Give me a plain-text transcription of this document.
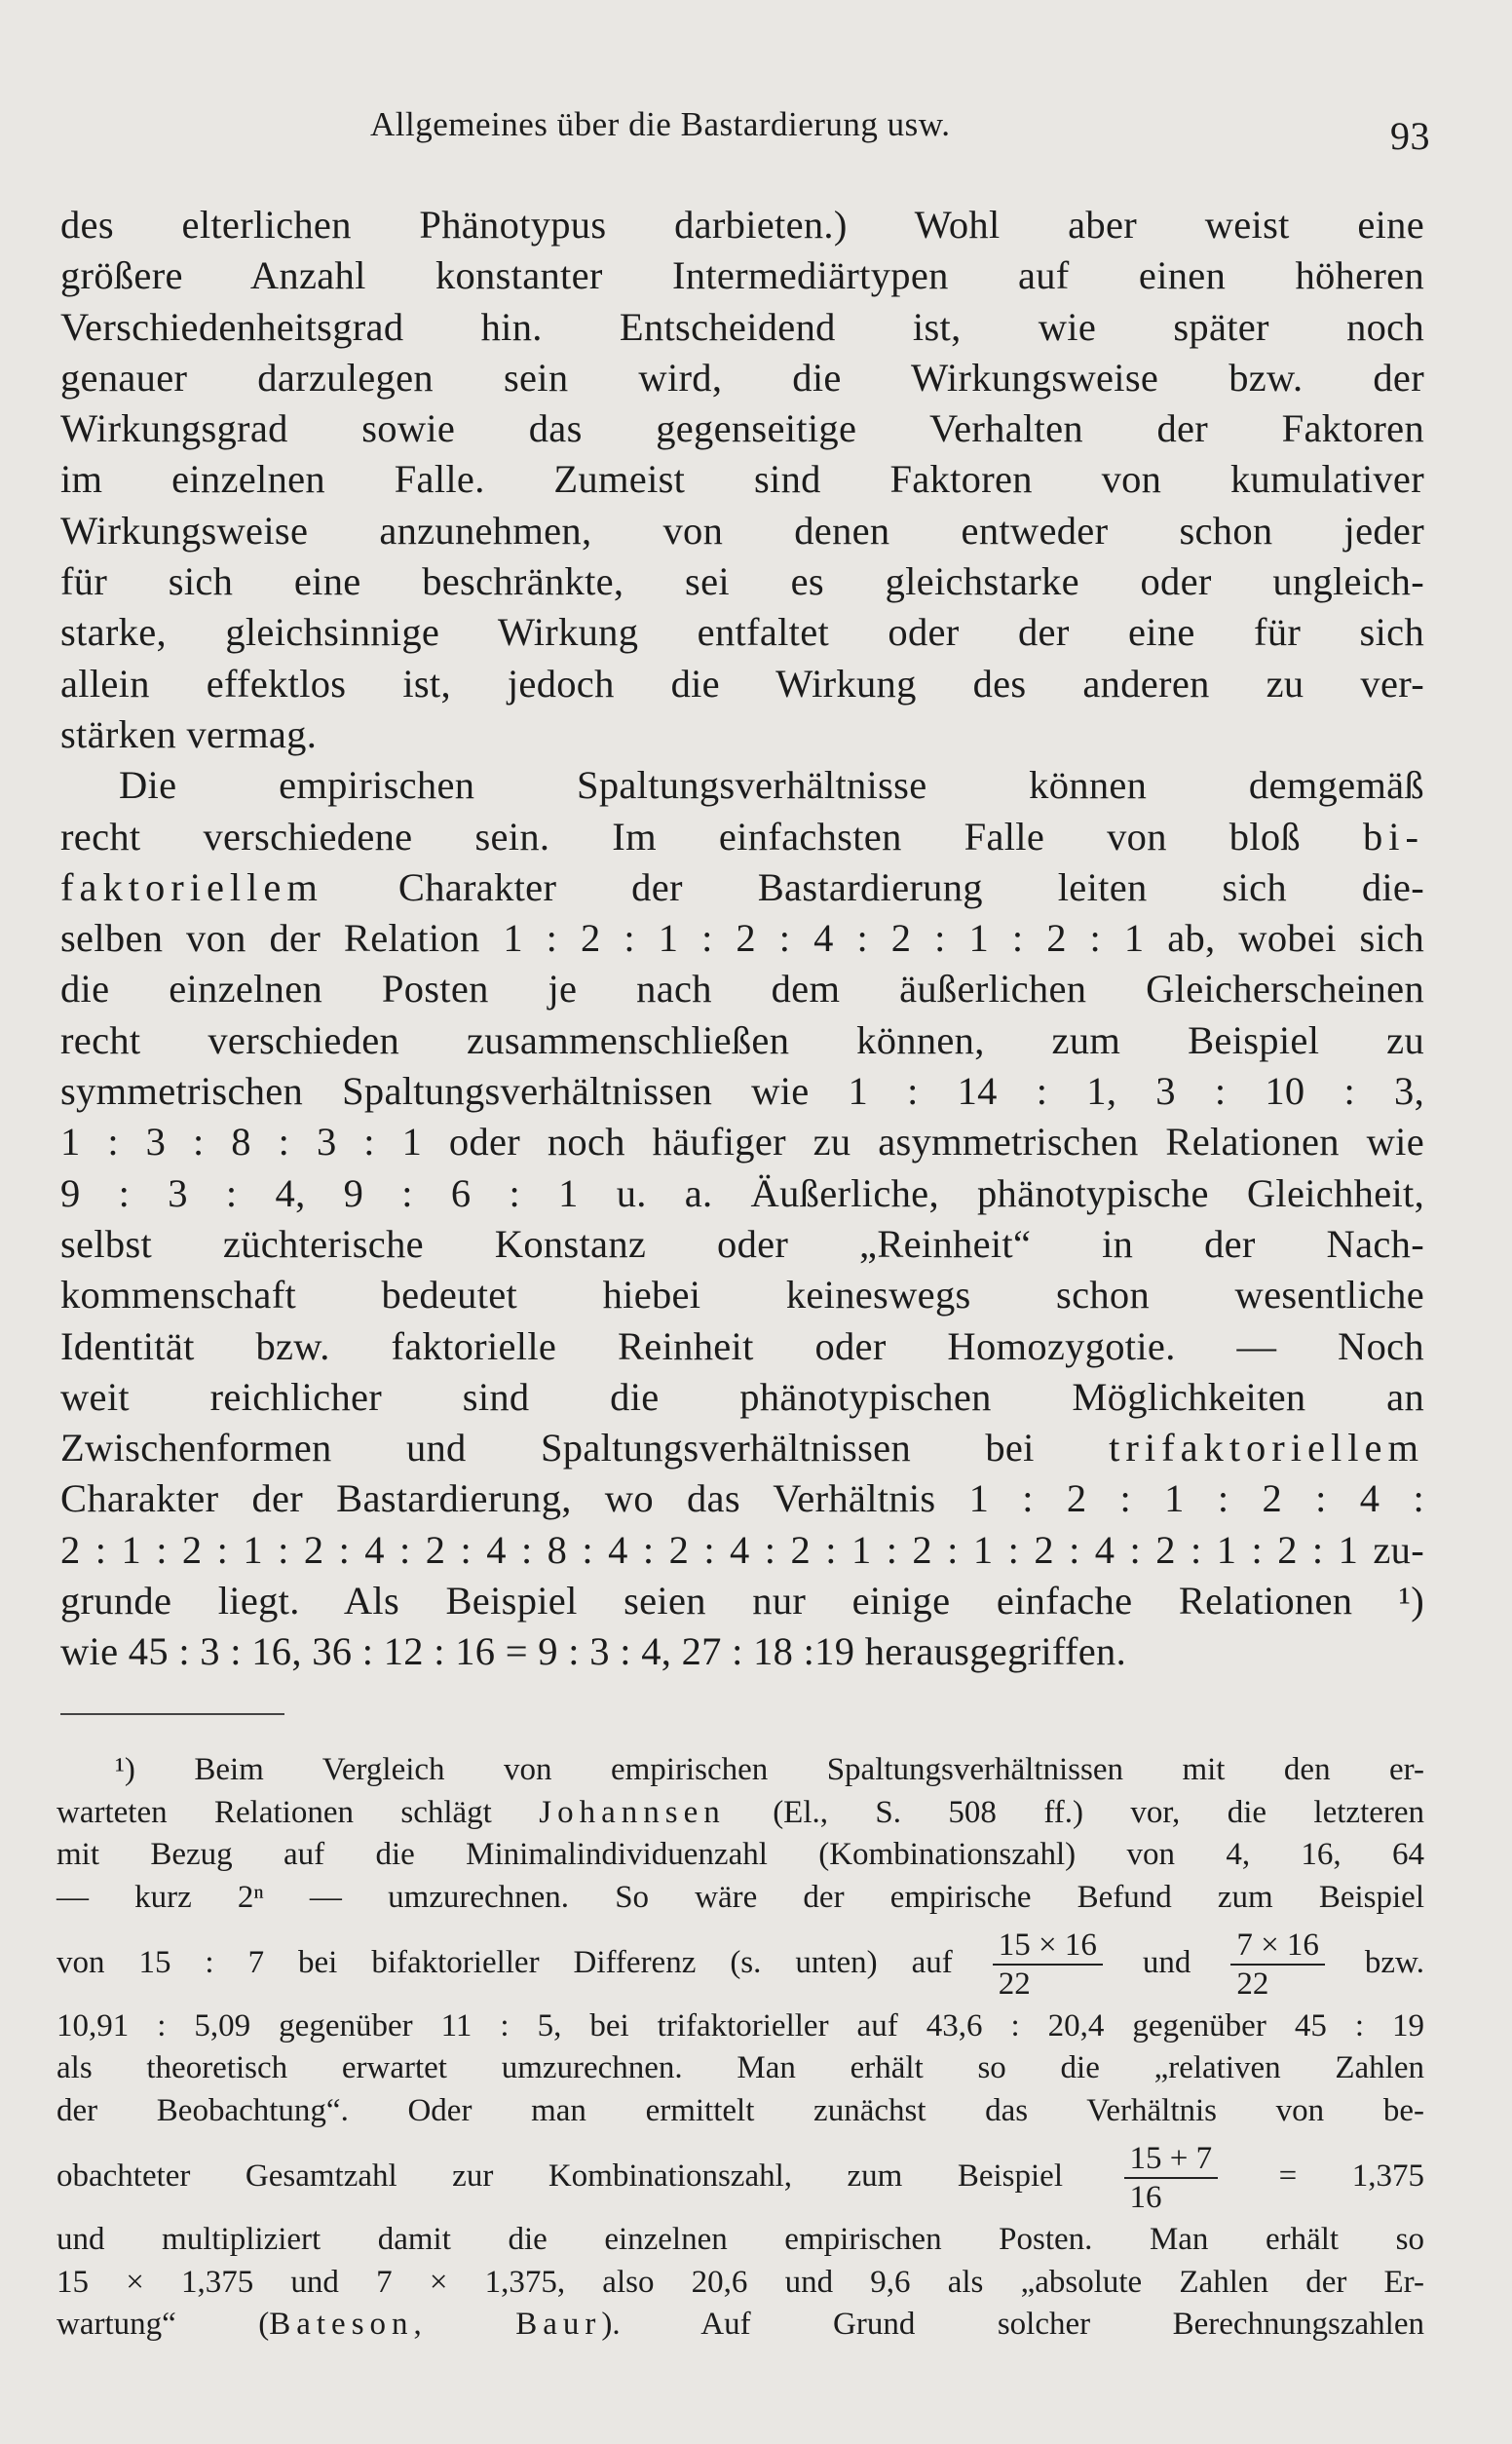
Allgemeines über die Bastardierung usw.	93
des elterlichen Phänotypus darbieten.) Wohl aber weist eine
größere Anzahl konstanter Intermediärtypen auf einen höheren
Verschiedenheitsgrad hin. Entscheidend ist, wie später noch
genauer darzulegen sein wird, die Wirkungsweise bzw. der
Wirkungsgrad sowie das gegenseitige Verhalten der Faktoren
im einzelnen Falle. Zumeist sind Faktoren von kumulativer
Wirkungsweise anzunehmen, von denen entweder schon jeder
für sich eine beschränkte, sei es gleichstarke oder ungleich-
starke, gleichsinnige Wirkung entfaltet oder der eine für sich
allein effektlos ist, jedoch die Wirkung des anderen zu ver-
stärken vermag.
Die empirischen Spaltungsverhältnisse können demgemäß
recht verschiedene sein. Im einfachsten Falle von bloß bi-
faktoriellem Charakter der Bastardierung leiten sich die-
selben von der Relation 1 : 2 : 1 : 2 : 4 : 2 : 1 : 2 : 1 ab, wobei sich
die einzelnen Posten je nach dem äußerlichen Gleicherscheinen
recht verschieden zusammenschließen können, zum Beispiel zu
symmetrischen Spaltungsverhältnissen wie 1 : 14 : 1, 3 : 10 : 3,
1 : 3 : 8 : 3 : 1 oder noch häufiger zu asymmetrischen Relationen wie
9 : 3 : 4, 9 : 6 : 1 u. a. Äußerliche, phänotypische Gleichheit,
selbst züchterische Konstanz oder „Reinheit“ in der Nach-
kommenschaft bedeutet hiebei keineswegs schon wesentliche
Identität bzw. faktorielle Reinheit oder Homozygotie. — Noch
weit reichlicher sind die phänotypischen Möglichkeiten an
Zwischenformen und Spaltungsverhältnissen bei trifaktoriellem
Charakter der Bastardierung, wo das Verhältnis 1 : 2 : 1 : 2 : 4 :
2 : 1 : 2 : 1 : 2 : 4 : 2 : 4 : 8 : 4 : 2 : 4 : 2 : 1 : 2 : 1 : 2 : 4 : 2 : 1 : 2 : 1 zu-
grunde liegt. Als Beispiel seien nur einige einfache Relationen ¹)
wie 45 : 3 : 16, 36 : 12 : 16 = 9 : 3 : 4, 27 : 18 :19 herausgegriffen.
¹) Beim Vergleich von empirischen Spaltungsverhältnissen mit den er-
warteten Relationen schlägt Johannsen (El., S. 508 ff.) vor, die letzteren
mit Bezug auf die Minimalindividuenzahl (Kombinationszahl) von 4, 16, 64
— kurz 2ⁿ — umzurechnen. So wäre der empirische Befund zum Beispiel
von 15 : 7 bei bifaktorieller Differenz (s. unten) auf $\frac{15 \times 16}{22}$ und $\frac{7 \times 16}{22}$ bzw.
10,91 : 5,09 gegenüber 11 : 5, bei trifaktorieller auf 43,6 : 20,4 gegenüber 45 : 19
als theoretisch erwartet umzurechnen. Man erhält so die „relativen Zahlen
der Beobachtung“. Oder man ermittelt zunächst das Verhältnis von be-
obachteter Gesamtzahl zur Kombinationszahl, zum Beispiel $\frac{15 + 7}{16} = 1,375$
und multipliziert damit die einzelnen empirischen Posten. Man erhält so
15 × 1,375 und 7 × 1,375, also 20,6 und 9,6 als „absolute Zahlen der Er-
wartung“ (Bateson, Baur). Auf Grund solcher Berechnungszahlen
